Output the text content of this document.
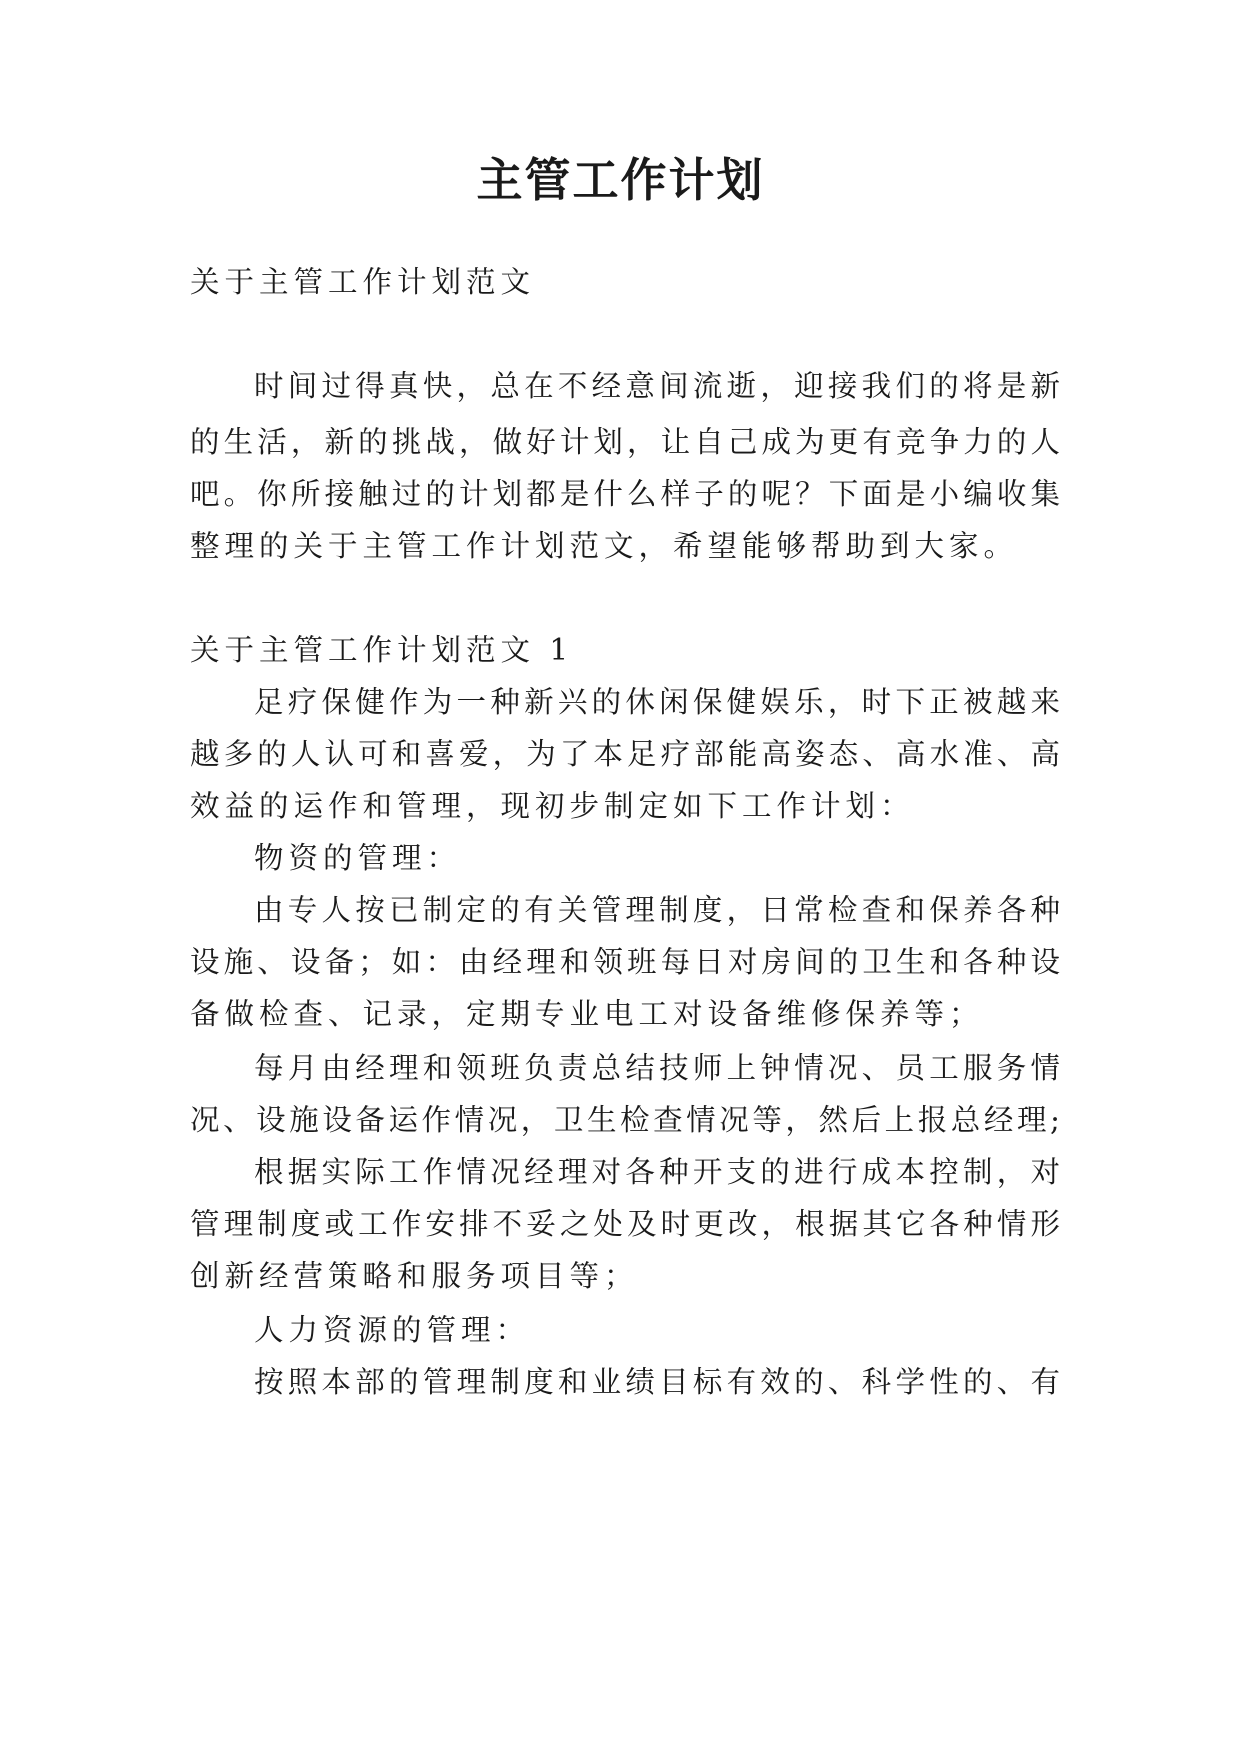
主管工作计划
关于主管工作计划范文
时间过得真快，总在不经意间流逝，迎接我们的将是新
的生活，新的挑战，做好计划，让自己成为更有竞争力的人
吧。你所接触过的计划都是什么样子的呢？下面是小编收集
整理的关于主管工作计划范文，希望能够帮助到大家。
关于主管工作计划范文 1
足疗保健作为一种新兴的休闲保健娱乐，时下正被越来
越多的人认可和喜爱，为了本足疗部能高姿态、高水准、高
效益的运作和管理，现初步制定如下工作计划：
物资的管理：
由专人按已制定的有关管理制度，日常检查和保养各种
设施、设备；如：由经理和领班每日对房间的卫生和各种设
备做检查、记录，定期专业电工对设备维修保养等；
每月由经理和领班负责总结技师上钟情况、员工服务情
况、设施设备运作情况，卫生检查情况等，然后上报总经理;
根据实际工作情况经理对各种开支的进行成本控制，对
管理制度或工作安排不妥之处及时更改，根据其它各种情形
创新经营策略和服务项目等；
人力资源的管理：
按照本部的管理制度和业绩目标有效的、科学性的、有
